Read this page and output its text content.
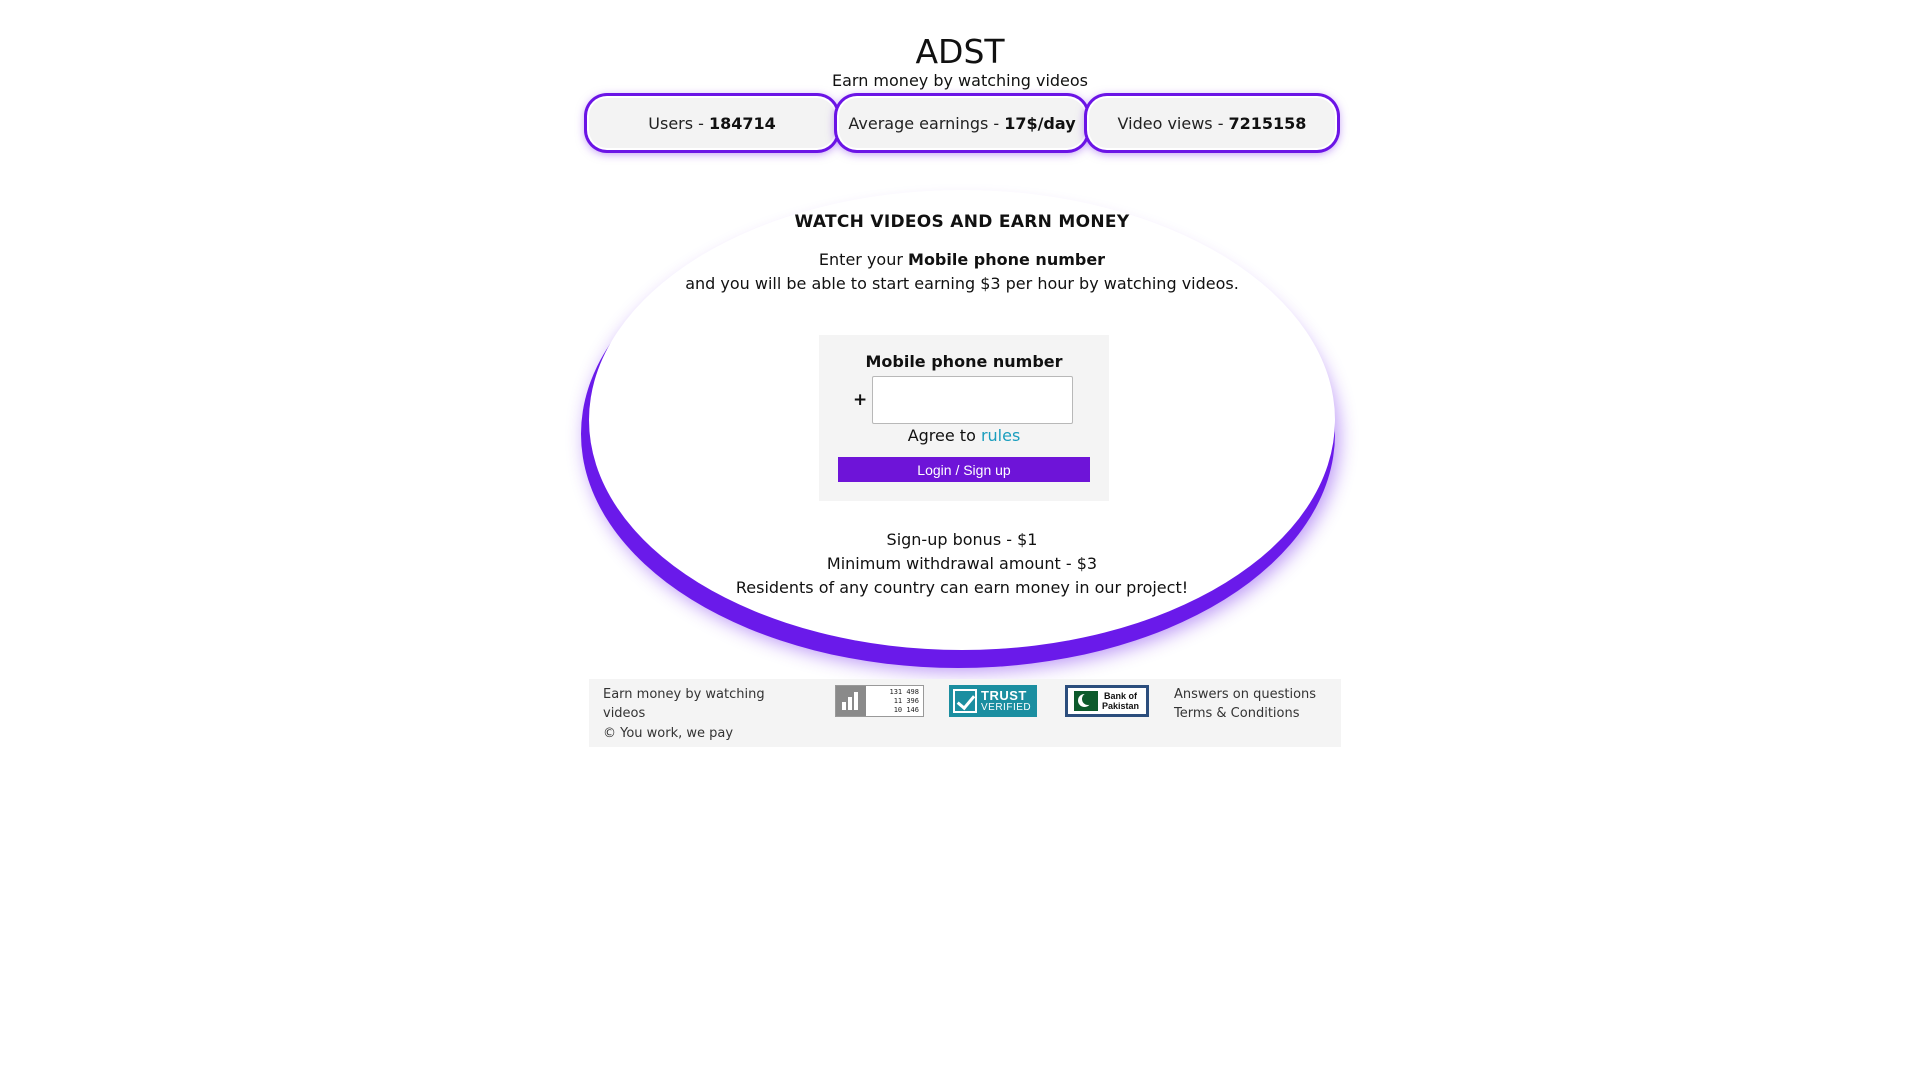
ADST
Earn money by watching videos
Users - 184714	Average earnings - 17$/day	Video views - 7215158
WATCH VIDEOS AND EARN MONEY
Enter your Mobile phone number
and you will be able to start earning $3 per hour by watching videos.
Mobile phone number
+
Agree to rules
Login / Sign up
Sign-up bonus - $1
Minimum withdrawal amount - $3
Residents of any country can earn money in our project!
Earn money by watching videos
© You work, we pay
131 498
11 396
10 146
TRUST
VERIFIED
Bank of
Pakistan
Answers on questions
Terms & Conditions
